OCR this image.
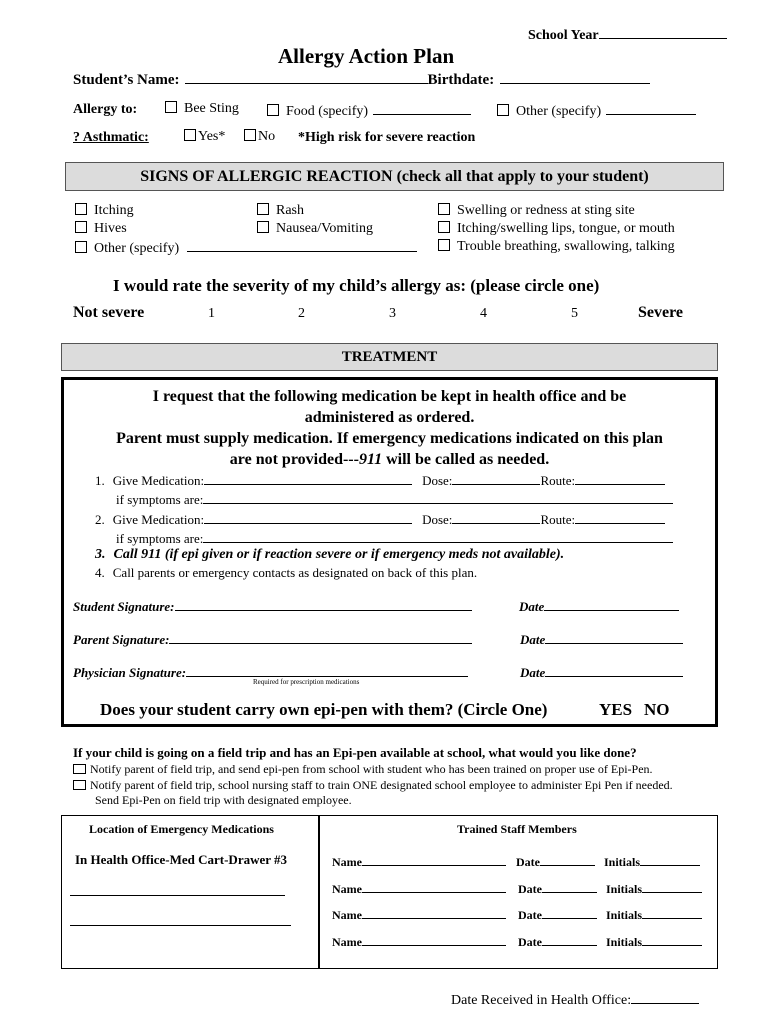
School Year
Allergy Action Plan
Student’s Name:	Birthdate:
Allergy to:	Bee Sting	Food (specify)	Other (specify)
? Asthmatic:	Yes*	No *High risk for severe reaction
SIGNS OF ALLERGIC REACTION (check all that apply to your student)
Itching
Hives
Other (specify)
Rash
Nausea/Vomiting
Swelling or redness at sting site
Itching/swelling lips, tongue, or mouth
Trouble breathing, swallowing, talking
I would rate the severity of my child’s allergy as: (please circle one)
Not severe	1	2	3	4	5	Severe
TREATMENT
I request that the following medication be kept in health office and be
administered as ordered.
Parent must supply medication. If emergency medications indicated on this plan
are not provided---911 will be called as needed.
1. Give Medication:	Dose:	Route:
if symptoms are:
2. Give Medication:	Dose:	Route:
if symptoms are:
3. Call 911 (if epi given or if reaction severe or if emergency meds not available).
4. Call parents or emergency contacts as designated on back of this plan.
Student Signature:	Date
Parent Signature:	Date
Physician Signature:	Date
Required for prescription medications
Does your student carry own epi-pen with them? (Circle One)	YES NO
If your child is going on a field trip and has an Epi-pen available at school, what would you like done?
Notify parent of field trip, and send epi-pen from school with student who has been trained on proper use of Epi-Pen.
Notify parent of field trip, school nursing staff to train ONE designated school employee to administer Epi Pen if needed.
Send Epi-Pen on field trip with designated employee.
Location of Emergency Medications
In Health Office-Med Cart-Drawer #3
Trained Staff Members
Name	Date	Initials
Name	Date	Initials
Name	Date	Initials
Name	Date	Initials
Date Received in Health Office:
